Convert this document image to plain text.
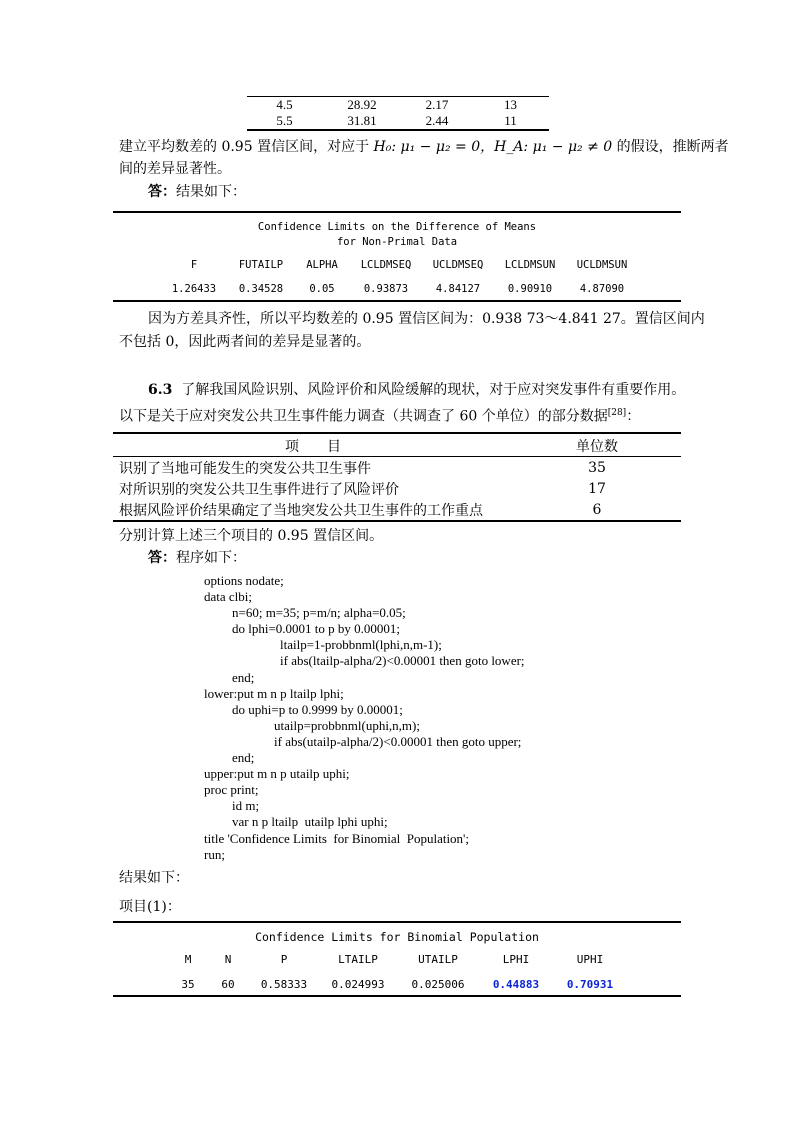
4.5	28.92	2.17	13
5.5	31.81	2.44	11
建立平均数差的 0.95 置信区间，对应于 H₀: μ₁ − μ₂ = 0，H_A: μ₁ − μ₂ ≠ 0 的假设，推断两者
间的差异显著性。
答：结果如下：
Confidence Limits on the Difference of Means
for Non-Primal Data
F	FUTAILP	ALPHA	LCLDMSEQ	UCLDMSEQ	LCLDMSUN	UCLDMSUN
1.26433	0.34528	0.05	0.93873	4.84127	0.90910	4.87090
因为方差具齐性，所以平均数差的 0.95 置信区间为：0.938 73～4.841 27。置信区间内
不包括 0，因此两者间的差异是显著的。
6.3 了解我国风险识别、风险评价和风险缓解的现状，对于应对突发事件有重要作用。
以下是关于应对突发公共卫生事件能力调查（共调查了 60 个单位）的部分数据[28]：
项　　目	单位数
识别了当地可能发生的突发公共卫生事件	35
对所识别的突发公共卫生事件进行了风险评价	17
根据风险评价结果确定了当地突发公共卫生事件的工作重点	6
分别计算上述三个项目的 0.95 置信区间。
答：程序如下：
options nodate;
data clbi;
n=60; m=35; p=m/n; alpha=0.05;
do lphi=0.0001 to p by 0.00001;
ltailp=1-probbnml(lphi,n,m-1);
if abs(ltailp-alpha/2)<0.00001 then goto lower;
end;
lower:put m n p ltailp lphi;
do uphi=p to 0.9999 by 0.00001;
utailp=probbnml(uphi,n,m);
if abs(utailp-alpha/2)<0.00001 then goto upper;
end;
upper:put m n p utailp uphi;
proc print;
id m;
var n p ltailp  utailp lphi uphi;
title 'Confidence Limits  for Binomial  Population';
run;
结果如下：
项目(1)：
Confidence Limits for Binomial Population
M	N	P	LTAILP	UTAILP	LPHI	UPHI
35	60	0.58333	0.024993	0.025006	0.44883	0.70931
